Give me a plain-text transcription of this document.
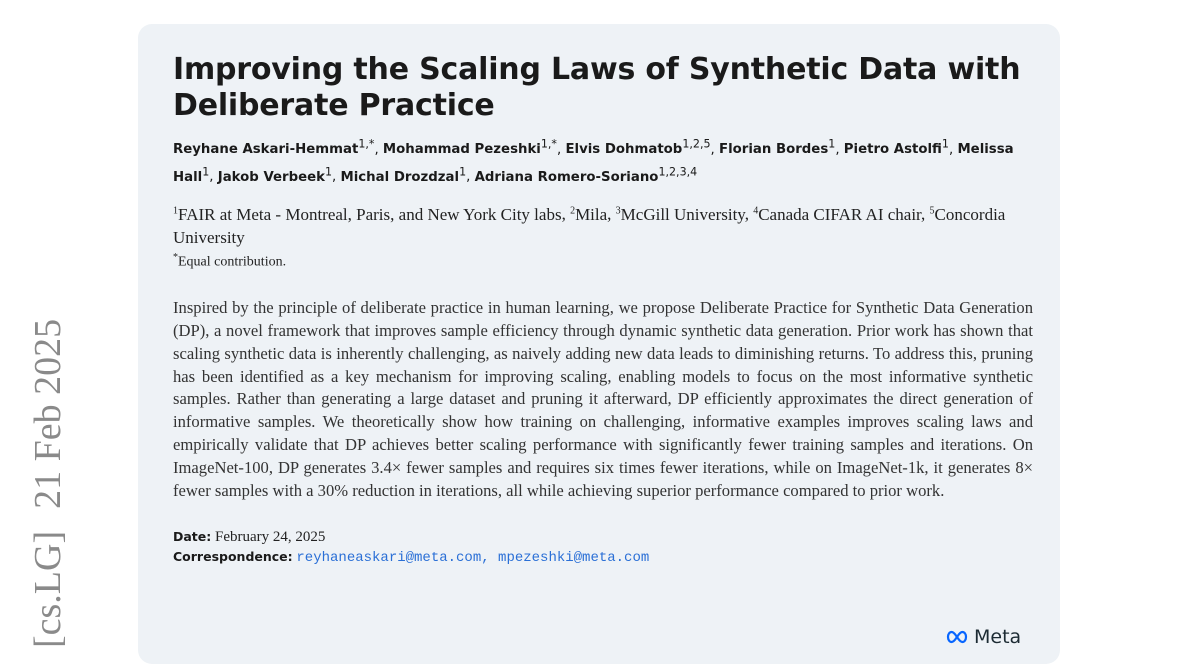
[cs.LG]
21 Feb 2025
Improving the Scaling Laws of Synthetic Data with Deliberate Practice
Reyhane Askari-Hemmat$^{1,*}$, Mohammad Pezeshki$^{1,*}$, Elvis Dohmatob$^{1,2,5}$, Florian Bordes$^1$, Pietro Astolfi$^1$, Melissa Hall$^1$, Jakob Verbeek$^1$, Michal Drozdzal$^1$, Adriana Romero-Soriano$^{1,2,3,4}$
$^1$FAIR at Meta - Montreal, Paris, and New York City labs, $^2$Mila, $^3$McGill University, $^4$Canada CIFAR AI chair, $^5$Concordia University
*Equal contribution.

Inspired by the principle of deliberate practice in human learning, we propose Deliberate Practice for Synthetic Data Generation (DP), a novel framework that improves sample efficiency through dynamic synthetic data generation. Prior work has shown that scaling synthetic data is inherently challenging, as naively adding new data leads to diminishing returns. To address this, pruning has been identified as a key mechanism for improving scaling, enabling models to focus on the most informative synthetic samples. Rather than generating a large dataset and pruning it afterward, DP efficiently approximates the direct generation of informative samples. We theoretically show how training on challenging, informative examples improves scaling laws and empirically validate that DP achieves better scaling performance with significantly fewer training samples and iterations. On ImageNet-100, DP generates 3.4× fewer samples and requires six times fewer iterations, while on ImageNet-1k, it generates 8× fewer samples with a 30% reduction in iterations, all while achieving superior performance compared to prior work.

Date: February 24, 2025
Correspondence: reyhaneaskari@meta.com, mpezeshki@meta.com
Meta
